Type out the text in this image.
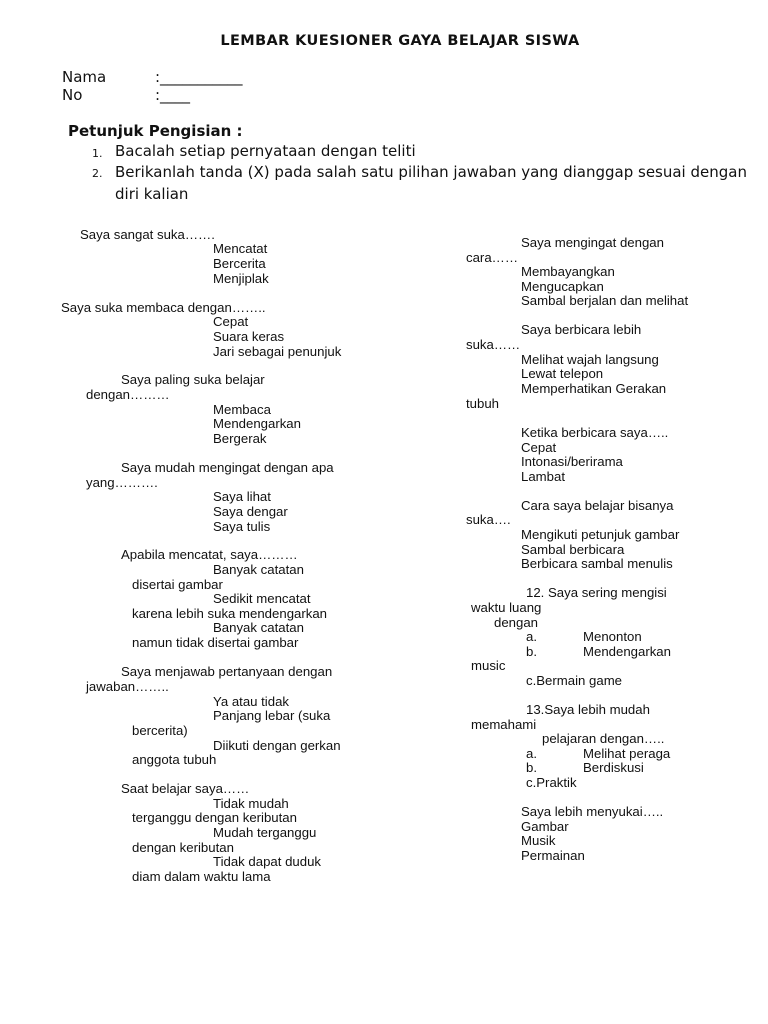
LEMBAR KUESIONER GAYA BELAJAR SISWA
Nama	:___________
No	:____
Petunjuk Pengisian :
1. Bacalah setiap pernyataan dengan teliti
2. Berikanlah tanda (X) pada salah satu pilihan jawaban yang dianggap sesuai dengan
diri kalian
Saya sangat suka…….
Mencatat
Bercerita
Menjiplak
Saya suka membaca dengan……..
Cepat
Suara keras
Jari sebagai penunjuk
Saya paling suka belajar
dengan………
Membaca
Mendengarkan
Bergerak
Saya mudah mengingat dengan apa
yang……….
Saya lihat
Saya dengar
Saya tulis
Apabila mencatat, saya………
Banyak catatan
disertai gambar
Sedikit mencatat
karena lebih suka mendengarkan
Banyak catatan
namun tidak disertai gambar
Saya menjawab pertanyaan dengan
jawaban……..
Ya atau tidak
Panjang lebar (suka
bercerita)
Diikuti dengan gerkan
anggota tubuh
Saat belajar saya……
Tidak mudah
terganggu dengan keributan
Mudah terganggu
dengan keributan
Tidak dapat duduk
diam dalam waktu lama
Saya mengingat dengan
cara……
Membayangkan
Mengucapkan
Sambal berjalan dan melihat
Saya berbicara lebih
suka……
Melihat wajah langsung
Lewat telepon
Memperhatikan Gerakan
tubuh
Ketika berbicara saya…..
Cepat
Intonasi/berirama
Lambat
Cara saya belajar bisanya
suka….
Mengikuti petunjuk gambar
Sambal berbicara
Berbicara sambal menulis
12. Saya sering mengisi
waktu luang
dengan
a.	Menonton
b.	Mendengarkan
music
c.Bermain game
13.Saya lebih mudah
memahami
pelajaran dengan…..
a.	Melihat peraga
b.	Berdiskusi
c.Praktik
Saya lebih menyukai…..
Gambar
Musik
Permainan
